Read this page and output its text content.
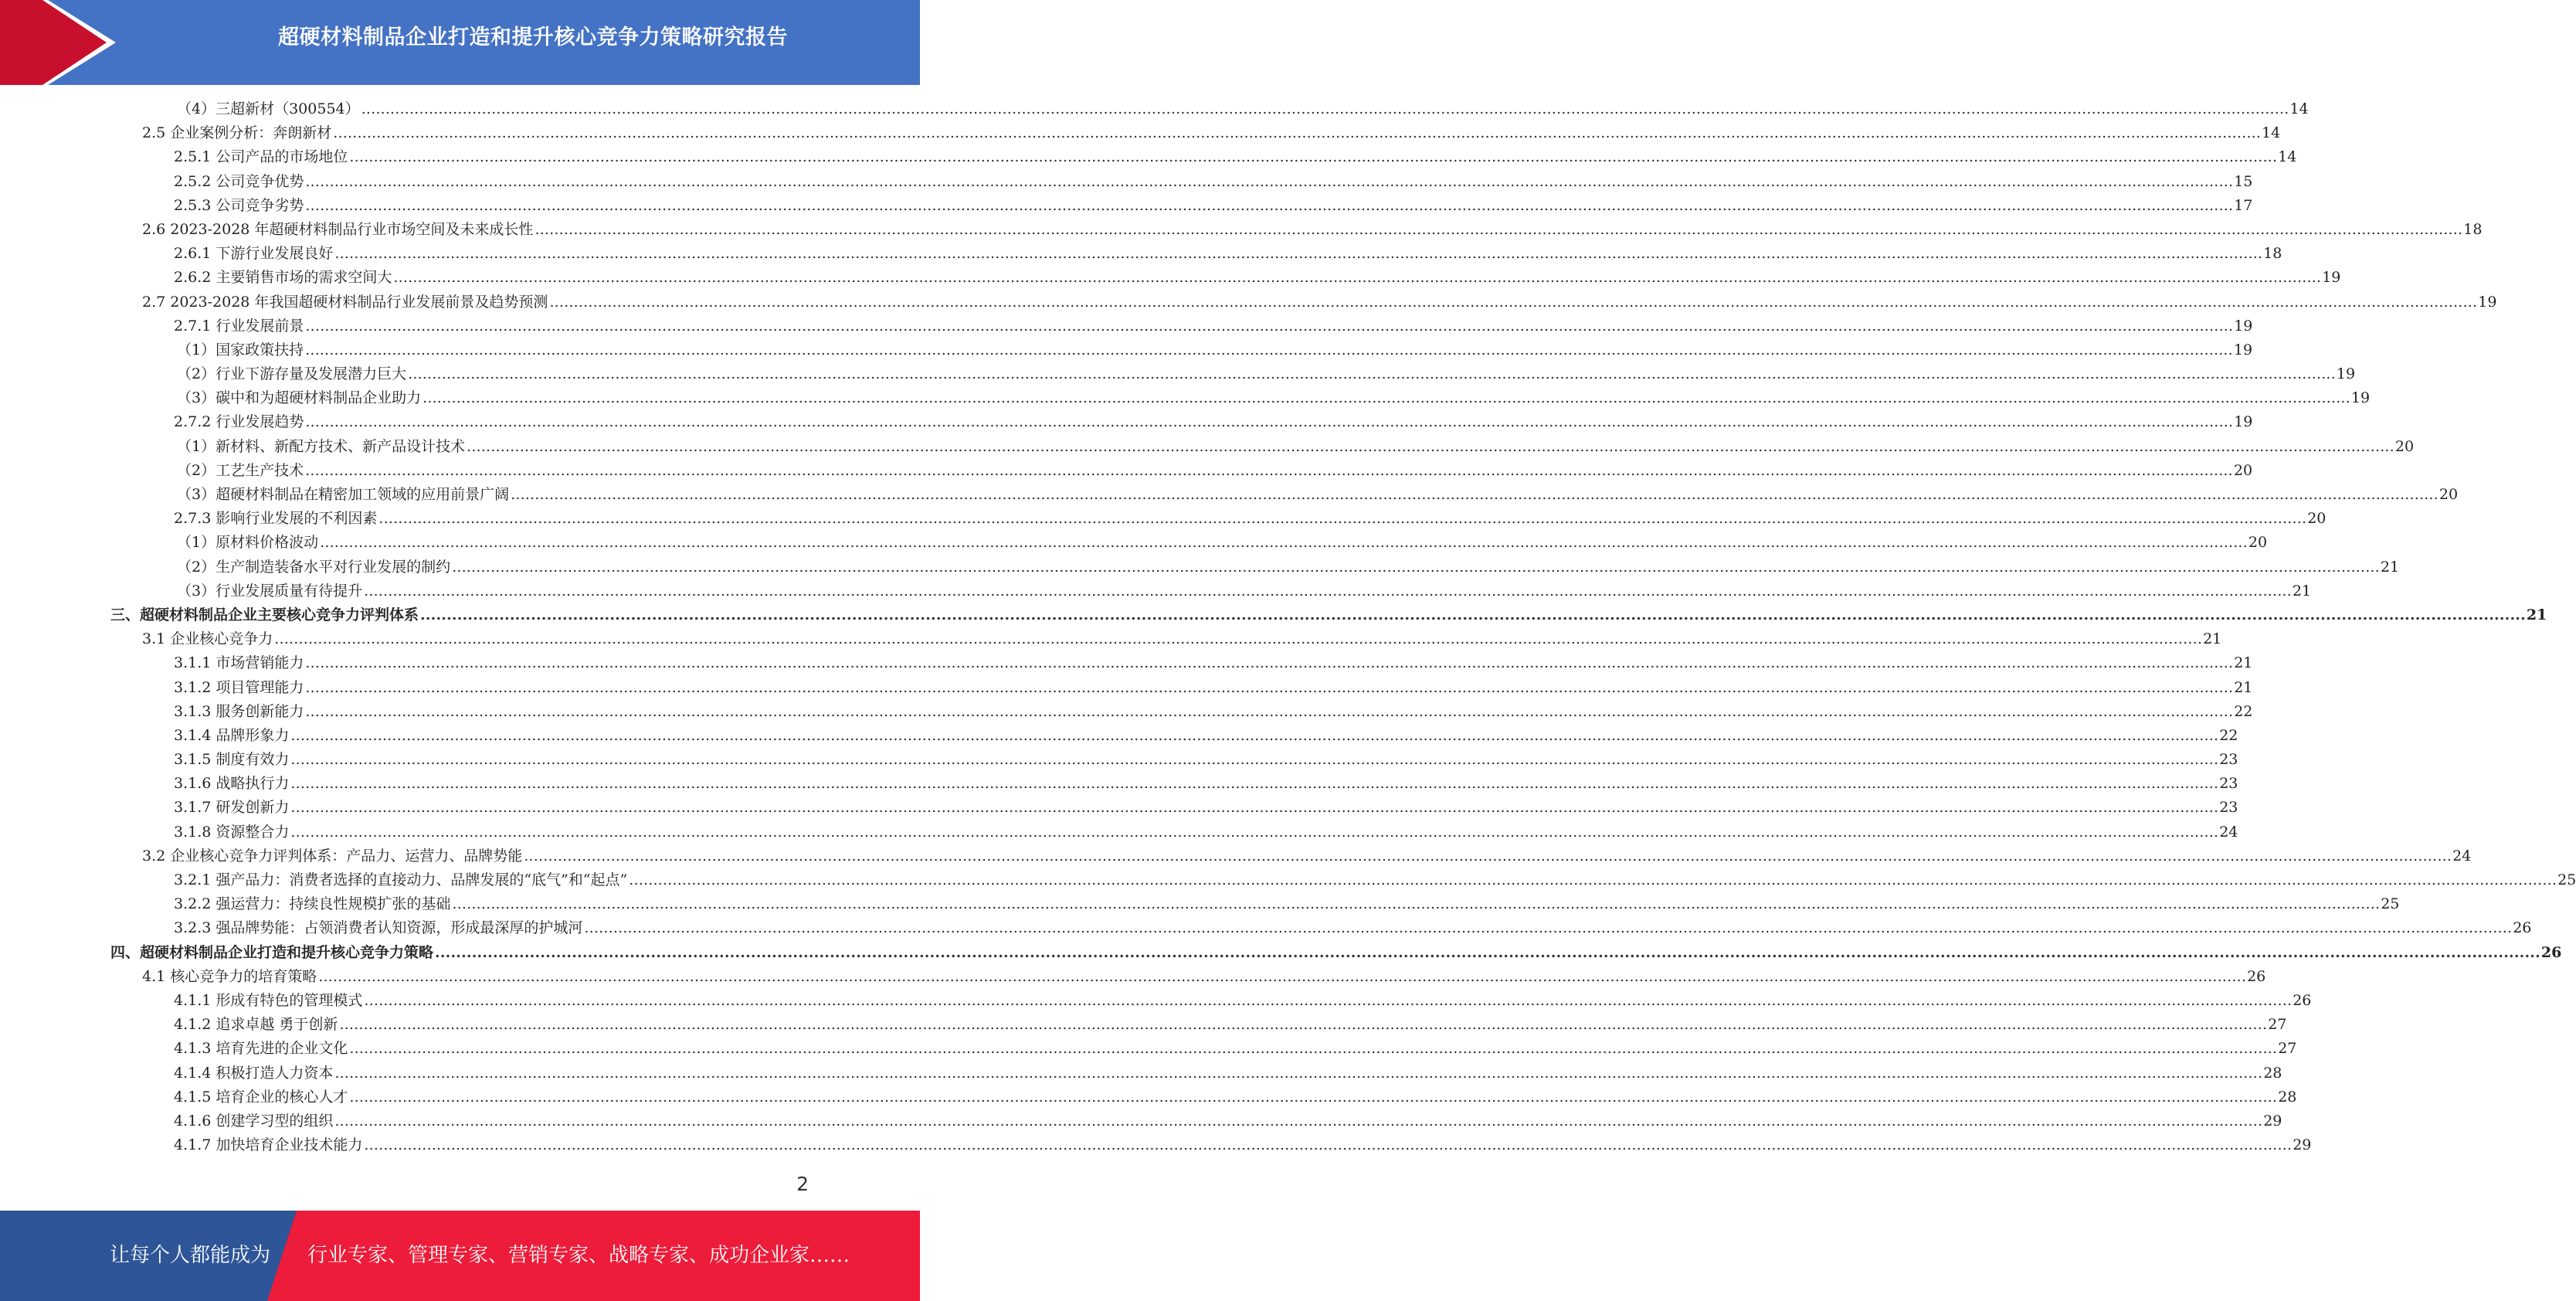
超硬材料制品企业打造和提升核心竞争力策略研究报告
（4）三超新材（300554） ................................................................................................................................................................................................................................................................................................................................................................................................................ 14
2.5 企业案例分析：奔朗新材 ................................................................................................................................................................................................................................................................................................................................................................................................................ 14
2.5.1 公司产品的市场地位 ................................................................................................................................................................................................................................................................................................................................................................................................................ 14
2.5.2 公司竞争优势 ................................................................................................................................................................................................................................................................................................................................................................................................................ 15
2.5.3 公司竞争劣势 ................................................................................................................................................................................................................................................................................................................................................................................................................ 17
2.6 2023-2028 年超硬材料制品行业市场空间及未来成长性 ................................................................................................................................................................................................................................................................................................................................................................................................................ 18
2.6.1 下游行业发展良好 ................................................................................................................................................................................................................................................................................................................................................................................................................ 18
2.6.2 主要销售市场的需求空间大 ................................................................................................................................................................................................................................................................................................................................................................................................................ 19
2.7 2023-2028 年我国超硬材料制品行业发展前景及趋势预测 ................................................................................................................................................................................................................................................................................................................................................................................................................ 19
2.7.1 行业发展前景 ................................................................................................................................................................................................................................................................................................................................................................................................................ 19
（1）国家政策扶持 ................................................................................................................................................................................................................................................................................................................................................................................................................ 19
（2）行业下游存量及发展潜力巨大 ................................................................................................................................................................................................................................................................................................................................................................................................................ 19
（3）碳中和为超硬材料制品企业助力 ................................................................................................................................................................................................................................................................................................................................................................................................................ 19
2.7.2 行业发展趋势 ................................................................................................................................................................................................................................................................................................................................................................................................................ 19
（1）新材料、新配方技术、新产品设计技术 ................................................................................................................................................................................................................................................................................................................................................................................................................ 20
（2）工艺生产技术 ................................................................................................................................................................................................................................................................................................................................................................................................................ 20
（3）超硬材料制品在精密加工领域的应用前景广阔 ................................................................................................................................................................................................................................................................................................................................................................................................................ 20
2.7.3 影响行业发展的不利因素 ................................................................................................................................................................................................................................................................................................................................................................................................................ 20
（1）原材料价格波动 ................................................................................................................................................................................................................................................................................................................................................................................................................ 20
（2）生产制造装备水平对行业发展的制约 ................................................................................................................................................................................................................................................................................................................................................................................................................ 21
（3）行业发展质量有待提升 ................................................................................................................................................................................................................................................................................................................................................................................................................ 21
三、超硬材料制品企业主要核心竞争力评判体系 ................................................................................................................................................................................................................................................................................................................................................................................................................ 21
3.1 企业核心竞争力 ................................................................................................................................................................................................................................................................................................................................................................................................................ 21
3.1.1 市场营销能力 ................................................................................................................................................................................................................................................................................................................................................................................................................ 21
3.1.2 项目管理能力 ................................................................................................................................................................................................................................................................................................................................................................................................................ 21
3.1.3 服务创新能力 ................................................................................................................................................................................................................................................................................................................................................................................................................ 22
3.1.4 品牌形象力 ................................................................................................................................................................................................................................................................................................................................................................................................................ 22
3.1.5 制度有效力 ................................................................................................................................................................................................................................................................................................................................................................................................................ 23
3.1.6 战略执行力 ................................................................................................................................................................................................................................................................................................................................................................................................................ 23
3.1.7 研发创新力 ................................................................................................................................................................................................................................................................................................................................................................................................................ 23
3.1.8 资源整合力 ................................................................................................................................................................................................................................................................................................................................................................................................................ 24
3.2 企业核心竞争力评判体系：产品力、运营力、品牌势能 ................................................................................................................................................................................................................................................................................................................................................................................................................ 24
3.2.1 强产品力：消费者选择的直接动力、品牌发展的“底气”和“起点” ................................................................................................................................................................................................................................................................................................................................................................................................................ 25
3.2.2 强运营力：持续良性规模扩张的基础 ................................................................................................................................................................................................................................................................................................................................................................................................................ 25
3.2.3 强品牌势能：占领消费者认知资源，形成最深厚的护城河 ................................................................................................................................................................................................................................................................................................................................................................................................................ 26
四、超硬材料制品企业打造和提升核心竞争力策略 ................................................................................................................................................................................................................................................................................................................................................................................................................ 26
4.1 核心竞争力的培育策略 ................................................................................................................................................................................................................................................................................................................................................................................................................ 26
4.1.1 形成有特色的管理模式 ................................................................................................................................................................................................................................................................................................................................................................................................................ 26
4.1.2 追求卓越 勇于创新 ................................................................................................................................................................................................................................................................................................................................................................................................................ 27
4.1.3 培育先进的企业文化 ................................................................................................................................................................................................................................................................................................................................................................................................................ 27
4.1.4 积极打造人力资本 ................................................................................................................................................................................................................................................................................................................................................................................................................ 28
4.1.5 培育企业的核心人才 ................................................................................................................................................................................................................................................................................................................................................................................................................ 28
4.1.6 创建学习型的组织 ................................................................................................................................................................................................................................................................................................................................................................................................................ 29
4.1.7 加快培育企业技术能力 ................................................................................................................................................................................................................................................................................................................................................................................................................ 29
2
让每个人都能成为 行业专家、管理专家、营销专家、战略专家、成功企业家……
